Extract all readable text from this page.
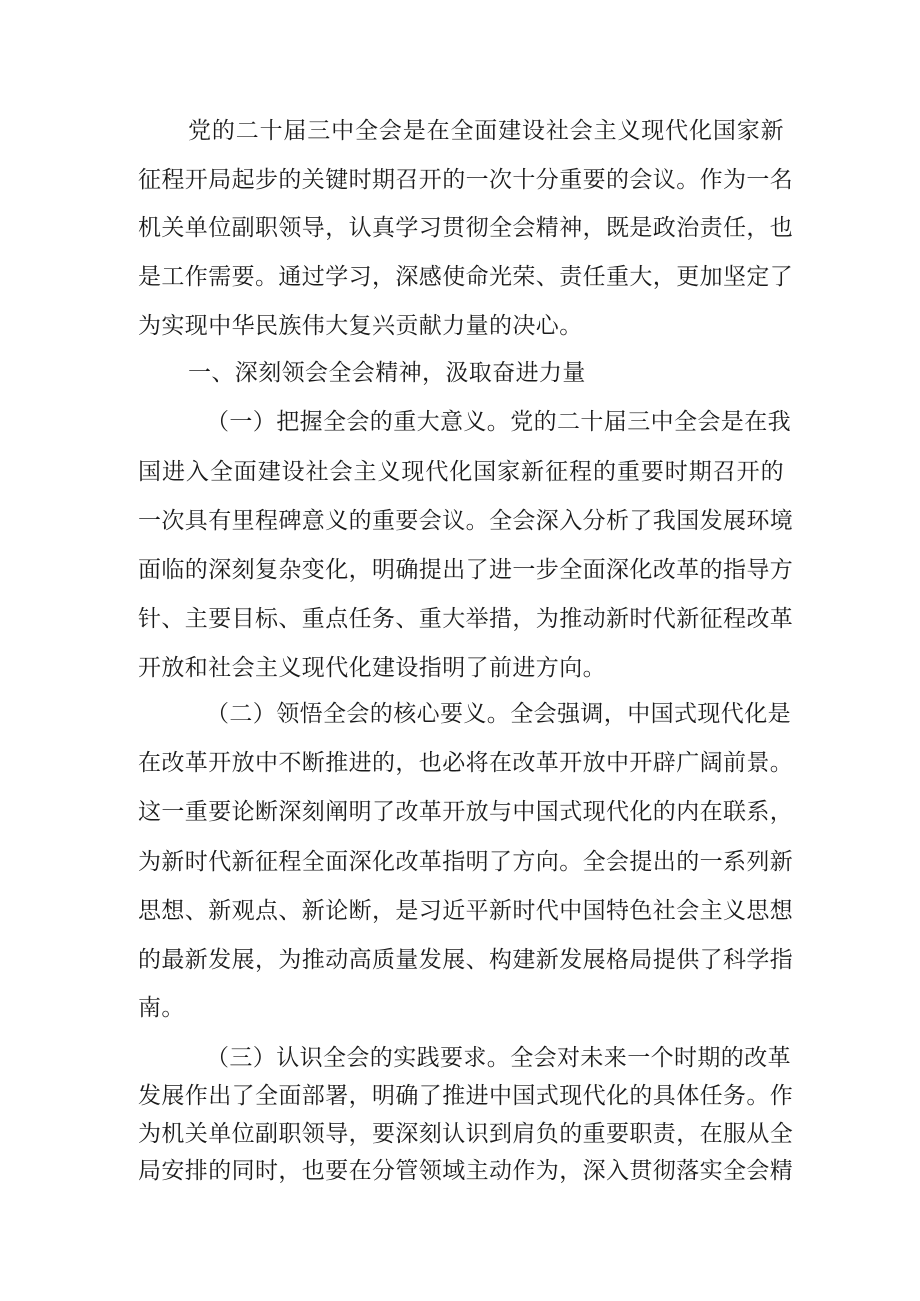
党的二十届三中全会是在全面建设社会主义现代化国家新

征程开局起步的关键时期召开的一次十分重要的会议。作为一名

机关单位副职领导，认真学习贯彻全会精神，既是政治责任，也

是工作需要。通过学习，深感使命光荣、责任重大，更加坚定了

为实现中华民族伟大复兴贡献力量的决心。

一、深刻领会全会精神，汲取奋进力量

（一）把握全会的重大意义。党的二十届三中全会是在我

国进入全面建设社会主义现代化国家新征程的重要时期召开的

一次具有里程碑意义的重要会议。全会深入分析了我国发展环境

面临的深刻复杂变化，明确提出了进一步全面深化改革的指导方

针、主要目标、重点任务、重大举措，为推动新时代新征程改革

开放和社会主义现代化建设指明了前进方向。

（二）领悟全会的核心要义。全会强调，中国式现代化是

在改革开放中不断推进的，也必将在改革开放中开辟广阔前景。

这一重要论断深刻阐明了改革开放与中国式现代化的内在联系，

为新时代新征程全面深化改革指明了方向。全会提出的一系列新

思想、新观点、新论断，是习近平新时代中国特色社会主义思想

的最新发展，为推动高质量发展、构建新发展格局提供了科学指

南。

（三）认识全会的实践要求。全会对未来一个时期的改革

发展作出了全面部署，明确了推进中国式现代化的具体任务。作

为机关单位副职领导，要深刻认识到肩负的重要职责，在服从全

局安排的同时，也要在分管领域主动作为，深入贯彻落实全会精
